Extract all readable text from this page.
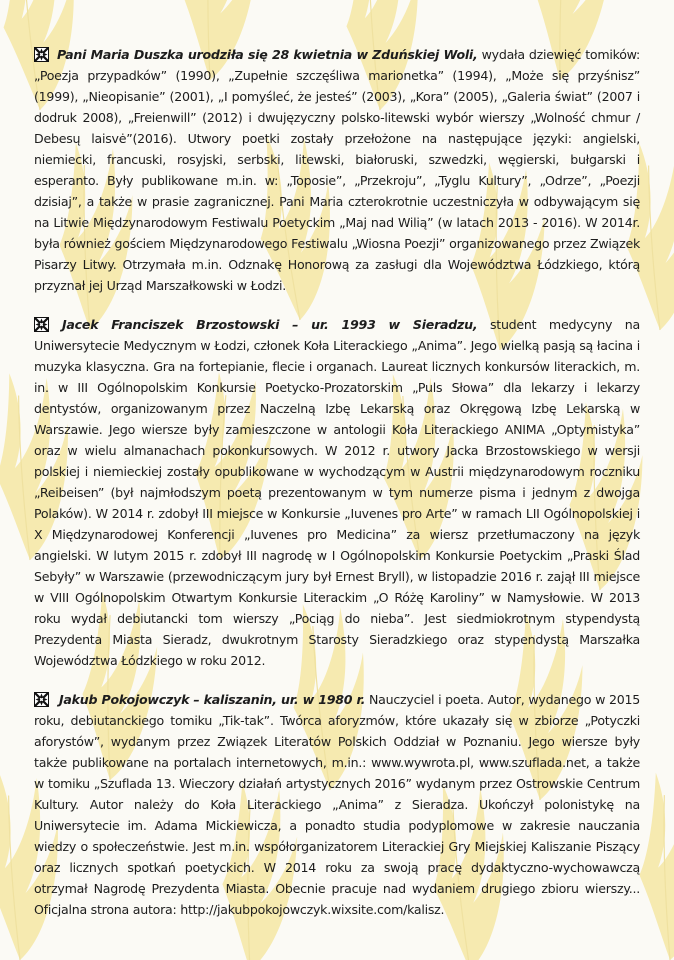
Pani Maria Duszka urodziła się 28 kwietnia w Zduńskiej Woli, wydała dziewięć tomików: „Poezja przypadków” (1990), „Zupełnie szczęśliwa marionetka” (1994), „Może się przyśnisz” (1999), „Nieopisanie” (2001), „I pomyśleć, że jesteś” (2003), „Kora” (2005), „Galeria świat” (2007 i dodruk 2008), „Freienwill” (2012) i dwujęzyczny polsko-litewski wybór wierszy „Wolność chmur / Debesų laisvė”(2016). Utwory poetki zostały przełożone na następujące języki: angielski, niemiecki, francuski, rosyjski, serbski, litewski, białoruski, szwedzki, węgierski, bułgarski i esperanto. Były publikowane m.in. w: „Toposie”, „Przekroju”, „Tyglu Kultury”, „Odrze”, „Poezji dzisiaj”, a także w prasie zagranicznej. Pani Maria czterokrotnie uczestniczyła w odbywającym się na Litwie Międzynarodowym Festiwalu Poetyckim „Maj nad Wilią” (w latach 2013 - 2016). W 2014r. była również gościem Międzynarodowego Festiwalu „Wiosna Poezji” organizowanego przez Związek Pisarzy Litwy. Otrzymała m.in. Odznakę Honorową za zasługi dla Województwa Łódzkiego, którą przyznał jej Urząd Marszałkowski w Łodzi.
Jacek Franciszek Brzostowski – ur. 1993 w Sieradzu, student medycyny na Uniwersytecie Medycznym w Łodzi, członek Koła Literackiego „Anima”. Jego wielką pasją są łacina i muzyka klasyczna. Gra na fortepianie, flecie i organach. Laureat licznych konkursów literackich, m. in. w III Ogólnopolskim Konkursie Poetycko-Prozatorskim „Puls Słowa” dla lekarzy i lekarzy dentystów, organizowanym przez Naczelną Izbę Lekarską oraz Okręgową Izbę Lekarską w Warszawie. Jego wiersze były zamieszczone w antologii Koła Literackiego ANIMA „Optymistyka” oraz w wielu almanachach pokonkursowych. W 2012 r. utwory Jacka Brzostowskiego w wersji polskiej i niemieckiej zostały opublikowane w wychodzącym w Austrii międzynarodowym roczniku „Reibeisen” (był najmłodszym poetą prezentowanym w tym numerze pisma i jednym z dwojga Polaków). W 2014 r. zdobył III miejsce w Konkursie „Iuvenes pro Arte” w ramach LII Ogólnopolskiej i X Międzynarodowej Konferencji „Iuvenes pro Medicina” za wiersz przetłumaczony na język angielski. W lutym 2015 r. zdobył III nagrodę w I Ogólnopolskim Konkursie Poetyckim „Praski Ślad Sebyły” w Warszawie (przewodniczącym jury był Ernest Bryll), w listopadzie 2016 r. zajął III miejsce w VIII Ogólnopolskim Otwartym Konkursie Literackim „O Różę Karoliny” w Namysłowie. W 2013 roku wydał debiutancki tom wierszy „Pociąg do nieba”. Jest siedmiokrotnym stypendystą Prezydenta Miasta Sieradz, dwukrotnym Starosty Sieradzkiego oraz stypendystą Marszałka Województwa Łódzkiego w roku 2012.
Jakub Pokojowczyk – kaliszanin, ur. w 1980 r. Nauczyciel i poeta. Autor, wydanego w 2015 roku, debiutanckiego tomiku „Tik-tak”. Twórca aforyzmów, które ukazały się w zbiorze „Potyczki aforystów”, wydanym przez Związek Literatów Polskich Oddział w Poznaniu. Jego wiersze były także publikowane na portalach internetowych, m.in.: www.wywrota.pl, www.szuflada.net, a także w tomiku „Szuflada 13. Wieczory działań artystycznych 2016” wydanym przez Ostrowskie Centrum Kultury. Autor należy do Koła Literackiego „Anima” z Sieradza. Ukończył polonistykę na Uniwersytecie im. Adama Mickiewicza, a ponadto studia podyplomowe w zakresie nauczania wiedzy o społeczeństwie. Jest m.in. współorganizatorem Literackiej Gry Miejskiej Kaliszanie Piszący oraz licznych spotkań poetyckich. W 2014 roku za swoją pracę dydaktyczno-wychowawczą otrzymał Nagrodę Prezydenta Miasta. Obecnie pracuje nad wydaniem drugiego zbioru wierszy... Oficjalna strona autora: http://jakubpokojowczyk.wixsite.com/kalisz.
